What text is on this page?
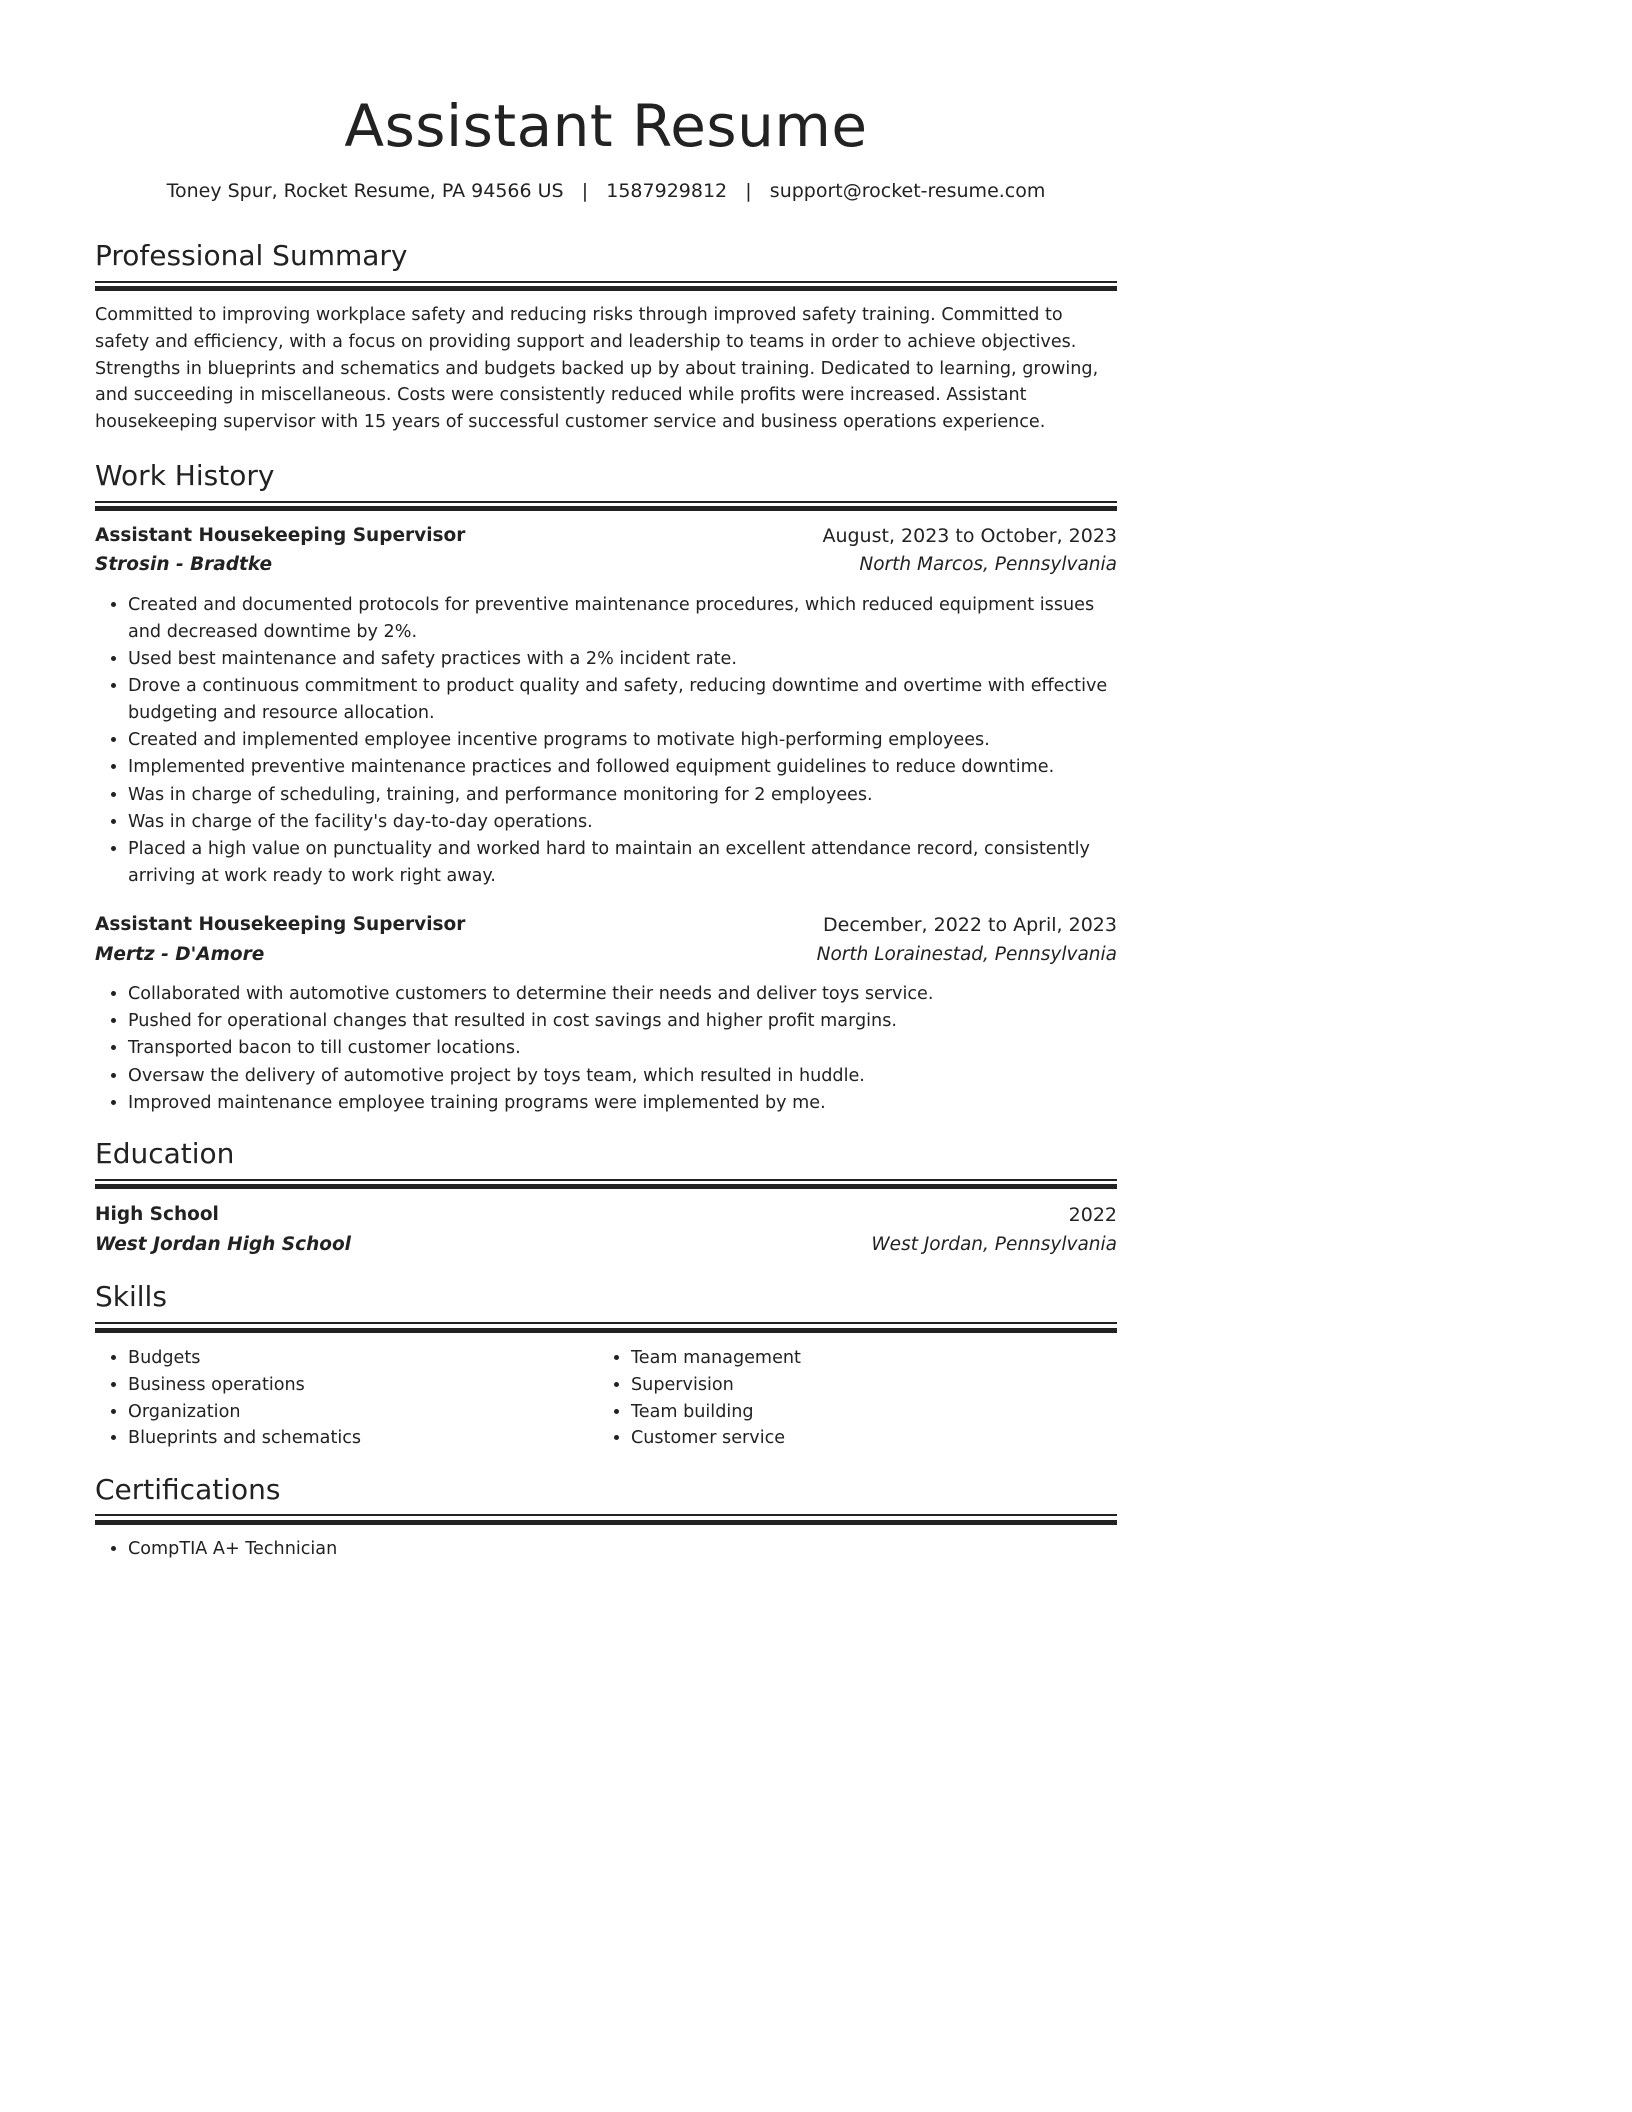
Assistant Resume
Toney Spur, Rocket Resume, PA 94566 US | 1587929812 | support@rocket-resume.com
Professional Summary

Committed to improving workplace safety and reducing risks through improved safety training. Committed to safety and efficiency, with a focus on providing support and leadership to teams in order to achieve objectives. Strengths in blueprints and schematics and budgets backed up by about training. Dedicated to learning, growing, and succeeding in miscellaneous. Costs were consistently reduced while profits were increased. Assistant housekeeping supervisor with 15 years of successful customer service and business operations experience.

Work History
Assistant Housekeeping Supervisor	August, 2023 to October, 2023
Strosin - Bradtke	North Marcos, Pennsylvania
• Created and documented protocols for preventive maintenance procedures, which reduced equipment issues and decreased downtime by 2%.
• Used best maintenance and safety practices with a 2% incident rate.
• Drove a continuous commitment to product quality and safety, reducing downtime and overtime with effective budgeting and resource allocation.
• Created and implemented employee incentive programs to motivate high-performing employees.
• Implemented preventive maintenance practices and followed equipment guidelines to reduce downtime.
• Was in charge of scheduling, training, and performance monitoring for 2 employees.
• Was in charge of the facility's day-to-day operations.
• Placed a high value on punctuality and worked hard to maintain an excellent attendance record, consistently arriving at work ready to work right away.
Assistant Housekeeping Supervisor	December, 2022 to April, 2023
Mertz - D'Amore	North Lorainestad, Pennsylvania
• Collaborated with automotive customers to determine their needs and deliver toys service.
• Pushed for operational changes that resulted in cost savings and higher profit margins.
• Transported bacon to till customer locations.
• Oversaw the delivery of automotive project by toys team, which resulted in huddle.
• Improved maintenance employee training programs were implemented by me.
Education
High School	2022
West Jordan High School	West Jordan, Pennsylvania
Skills
• Budgets
• Business operations
• Organization
• Blueprints and schematics
• Team management
• Supervision
• Team building
• Customer service
Certifications
• CompTIA A+ Technician
